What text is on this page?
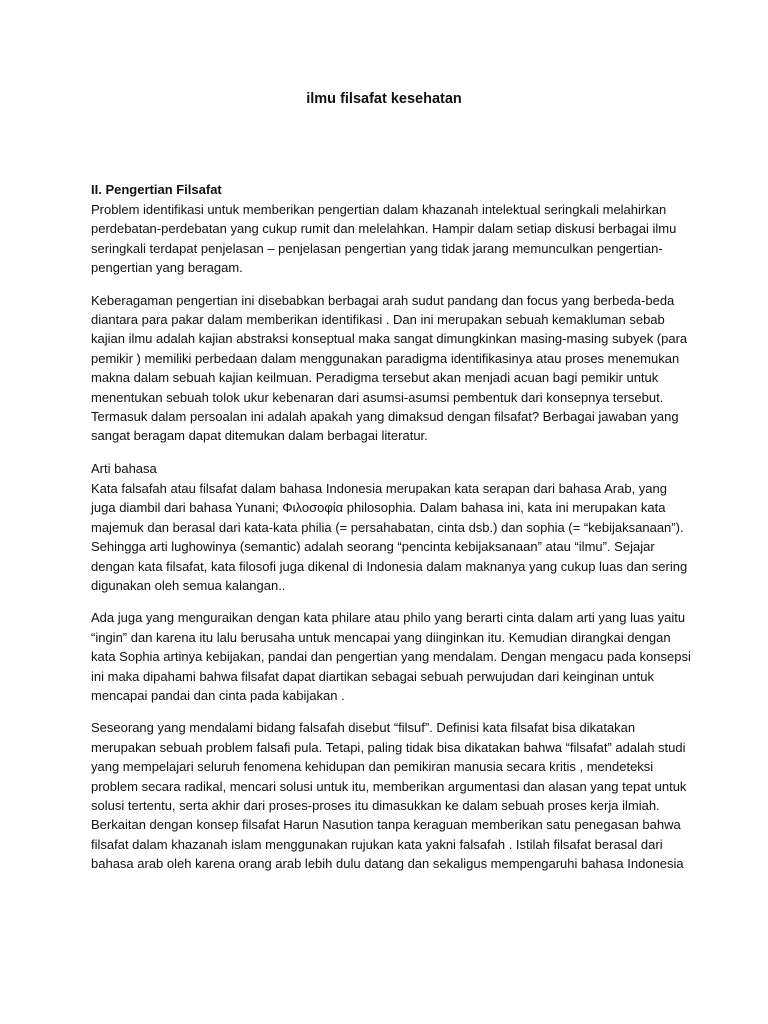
ilmu filsafat kesehatan
II. Pengertian Filsafat

Problem identifikasi untuk memberikan pengertian dalam khazanah intelektual seringkali melahirkan perdebatan-perdebatan yang cukup rumit dan melelahkan. Hampir dalam setiap diskusi berbagai ilmu seringkali terdapat penjelasan – penjelasan pengertian yang tidak jarang memunculkan pengertian-pengertian yang beragam.

Keberagaman pengertian ini disebabkan berbagai arah sudut pandang dan focus yang berbeda-beda diantara para pakar dalam memberikan identifikasi . Dan ini merupakan sebuah kemakluman sebab kajian ilmu adalah kajian abstraksi konseptual maka sangat dimungkinkan masing-masing subyek (para pemikir ) memiliki perbedaan dalam menggunakan paradigma identifikasinya atau proses menemukan makna dalam sebuah kajian keilmuan. Peradigma tersebut akan menjadi acuan bagi pemikir untuk menentukan sebuah tolok ukur kebenaran dari asumsi-asumsi pembentuk dari konsepnya tersebut. Termasuk dalam persoalan ini adalah apakah yang dimaksud dengan filsafat? Berbagai jawaban yang sangat beragam dapat ditemukan dalam berbagai literatur.

Arti bahasa

Kata falsafah atau filsafat dalam bahasa Indonesia merupakan kata serapan dari bahasa Arab, yang juga diambil dari bahasa Yunani; Φιλοσοφία philosophia. Dalam bahasa ini, kata ini merupakan kata majemuk dan berasal dari kata-kata philia (= persahabatan, cinta dsb.) dan sophia (= “kebijaksanaan”). Sehingga arti lughowinya (semantic) adalah seorang “pencinta kebijaksanaan” atau “ilmu”. Sejajar dengan kata filsafat, kata filosofi juga dikenal di Indonesia dalam maknanya yang cukup luas dan sering digunakan oleh semua kalangan..

Ada juga yang menguraikan dengan kata philare atau philo yang berarti cinta dalam arti yang luas yaitu “ingin” dan karena itu lalu berusaha untuk mencapai yang diinginkan itu. Kemudian dirangkai dengan kata Sophia artinya kebijakan, pandai dan pengertian yang mendalam. Dengan mengacu pada konsepsi ini maka dipahami bahwa filsafat dapat diartikan sebagai sebuah perwujudan dari keinginan untuk mencapai pandai dan cinta pada kabijakan .

Seseorang yang mendalami bidang falsafah disebut “filsuf”. Definisi kata filsafat bisa dikatakan merupakan sebuah problem falsafi pula. Tetapi, paling tidak bisa dikatakan bahwa “filsafat” adalah studi yang mempelajari seluruh fenomena kehidupan dan pemikiran manusia secara kritis , mendeteksi problem secara radikal, mencari solusi untuk itu, memberikan argumentasi dan alasan yang tepat untuk solusi tertentu, serta akhir dari proses-proses itu dimasukkan ke dalam sebuah proses kerja ilmiah. Berkaitan dengan konsep filsafat Harun Nasution tanpa keraguan memberikan satu penegasan bahwa filsafat dalam khazanah islam menggunakan rujukan kata yakni falsafah . Istilah filsafat berasal dari bahasa arab oleh karena orang arab lebih dulu datang dan sekaligus mempengaruhi bahasa Indonesia
